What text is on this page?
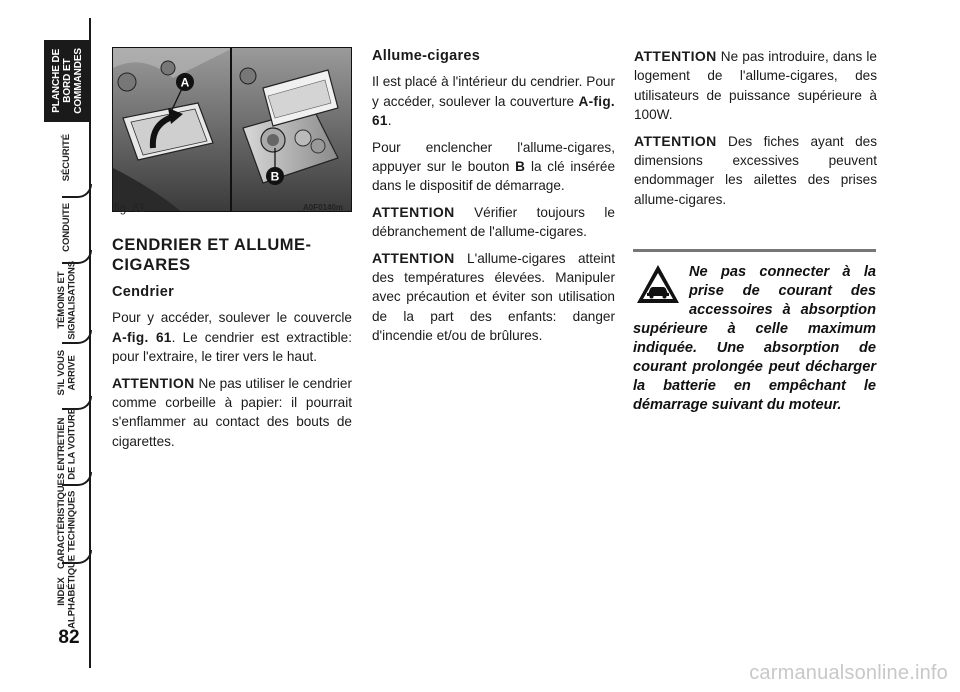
PLANCHE DE
BORD ET
COMMANDES
SÉCURITÉ
CONDUITE
TÉMOINS ET
SIGNALISATIONS
S'IL VOUS
ARRIVE
ENTRETIEN
DE LA VOITURE
CARACTÉRISTIQUES
TECHNIQUES
INDEX
ALPHABÉTIQUE
82
A
B
fig. 61	A0F0140m
CENDRIER ET ALLUME-CIGARES
Cendrier

Pour y accéder, soulever le couvercle A-fig. 61. Le cendrier est extractible: pour l'extraire, le tirer vers le haut.

ATTENTION Ne pas utiliser le cendrier comme corbeille à papier: il pourrait s'enflammer au contact des bouts de cigarettes.

Allume-cigares

Il est placé à l'intérieur du cendrier. Pour y accéder, soulever la couverture A-fig. 61.

Pour enclencher l'allume-cigares, appuyer sur le bouton B la clé insérée dans le dispositif de démarrage.

ATTENTION Vérifier toujours le débranchement de l'allume-cigares.

ATTENTION L'allume-cigares atteint des températures élevées. Manipuler avec précaution et éviter son utilisation de la part des enfants: danger d'incendie et/ou de brûlures.

ATTENTION Ne pas introduire, dans le logement de l'allume-cigares, des utilisateurs de puissance supérieure à 100W.

ATTENTION Des fiches ayant des dimensions excessives peuvent endommager les ailettes des prises allume-cigares.

Ne pas connecter à la prise de courant des accessoires à absorption supérieure à celle maximum indiquée. Une absorption de courant prolongée peut décharger la batterie en empêchant le démarrage suivant du moteur.
carmanualsonline.info
